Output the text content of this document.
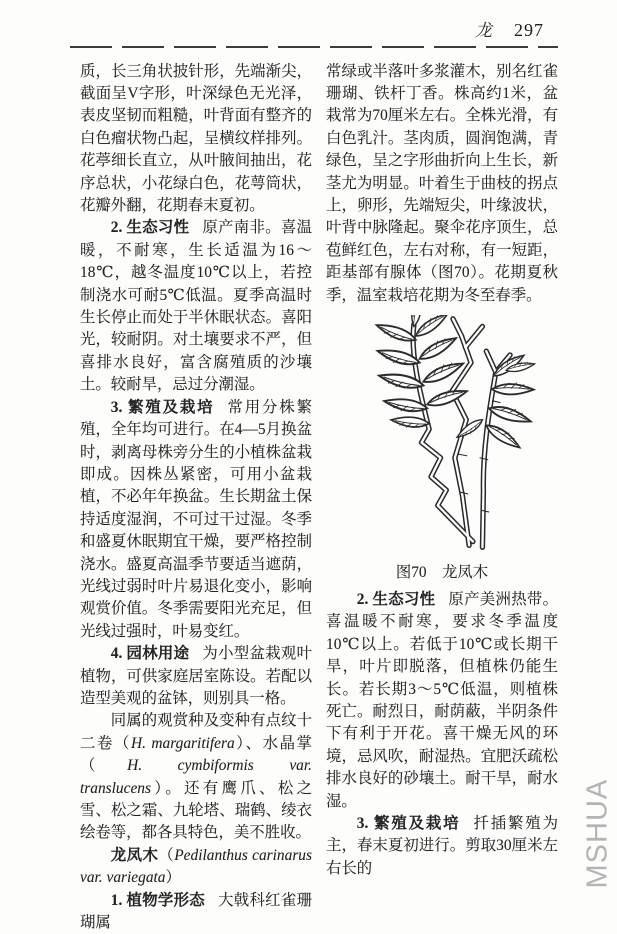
龙 297

质，长三角状披针形，先端渐尖，截面呈V字形，叶深绿色无光泽，表皮坚韧而粗糙，叶背面有整齐的白色瘤状物凸起，呈横纹样排列。花葶细长直立，从叶腋间抽出，花序总状，小花绿白色，花萼筒状，花瓣外翻，花期春末夏初。

2. 生态习性 原产南非。喜温暖，不耐寒，生长适温为16～18℃，越冬温度10℃以上，若控制浇水可耐5℃低温。夏季高温时生长停止而处于半休眠状态。喜阳光，较耐阴。对土壤要求不严，但喜排水良好，富含腐殖质的沙壤土。较耐旱，忌过分潮湿。

3. 繁殖及栽培 常用分株繁殖，全年均可进行。在4—5月换盆时，剥离母株旁分生的小植株盆栽即成。因株丛紧密，可用小盆栽植，不必年年换盆。生长期盆土保持适度湿润，不可过干过湿。冬季和盛夏休眠期宜干燥，要严格控制浇水。盛夏高温季节要适当遮荫，光线过弱时叶片易退化变小，影响观赏价值。冬季需要阳光充足，但光线过强时，叶易变红。

4. 园林用途 为小型盆栽观叶植物，可供家庭居室陈设。若配以造型美观的盆钵，则别具一格。

同属的观赏种及变种有点纹十二卷（H. margaritifera）、水晶掌（H. cymbiformis var. translucens）。还有鹰爪、松之雪、松之霜、九轮塔、瑞鹤、绫衣绘卷等，都各具特色，美不胜收。

龙凤木（Pedilanthus carinarus var. variegata）

1. 植物学形态 大戟科红雀珊瑚属

常绿或半落叶多浆灌木，别名红雀珊瑚、铁杆丁香。株高约1米，盆栽常为70厘米左右。全株光滑，有白色乳汁。茎肉质，圆润饱满，青绿色，呈之字形曲折向上生长，新茎尤为明显。叶着生于曲枝的拐点上，卵形，先端短尖，叶缘波状，叶背中脉隆起。聚伞花序顶生，总苞鲜红色，左右对称，有一短距，距基部有腺体（图70）。花期夏秋季，温室栽培花期为冬至春季。

图70 龙凤木

2. 生态习性 原产美洲热带。喜温暖不耐寒，要求冬季温度10℃以上。若低于10℃或长期干旱，叶片即脱落，但植株仍能生长。若长期3～5℃低温，则植株死亡。耐烈日，耐荫蔽，半阴条件下有利于开花。喜干燥无风的环境，忌风吹，耐湿热。宜肥沃疏松排水良好的砂壤土。耐干旱，耐水湿。

3. 繁殖及栽培 扦插繁殖为主，春末夏初进行。剪取30厘米左右长的	MSHUA
